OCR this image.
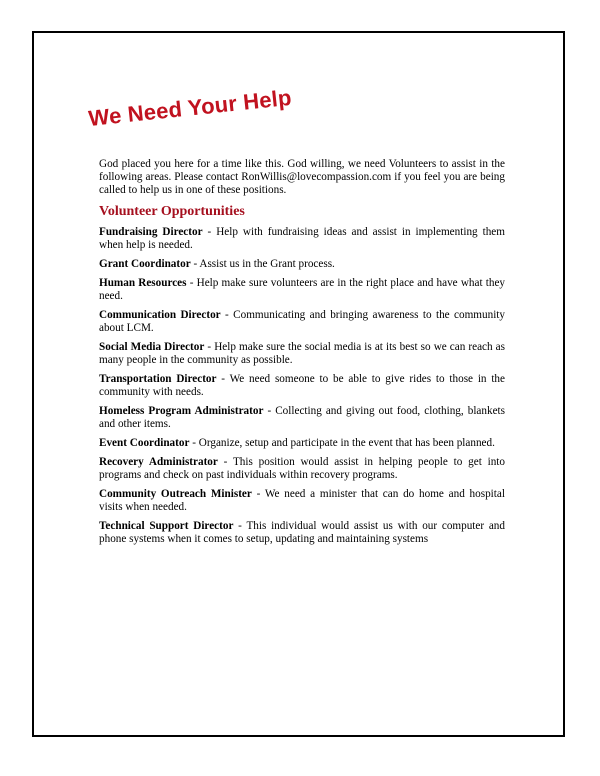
We Need Your Help

God placed you here for a time like this. God willing, we need Volunteers to assist in the following areas. Please contact RonWillis@lovecompassion.com if you feel you are being called to help us in one of these positions.

Volunteer Opportunities

Fundraising Director - Help with fundraising ideas and assist in implementing them when help is needed.

Grant Coordinator - Assist us in the Grant process.

Human Resources - Help make sure volunteers are in the right place and have what they need.

Communication Director - Communicating and bringing awareness to the community about LCM.

Social Media Director - Help make sure the social media is at its best so we can reach as many people in the community as possible.

Transportation Director - We need someone to be able to give rides to those in the community with needs.

Homeless Program Administrator - Collecting and giving out food, clothing, blankets and other items.

Event Coordinator - Organize, setup and participate in the event that has been planned.

Recovery Administrator - This position would assist in helping people to get into programs and check on past individuals within recovery programs.

Community Outreach Minister - We need a minister that can do home and hospital visits when needed.

Technical Support Director - This individual would assist us with our computer and phone systems when it comes to setup, updating and maintaining systems
